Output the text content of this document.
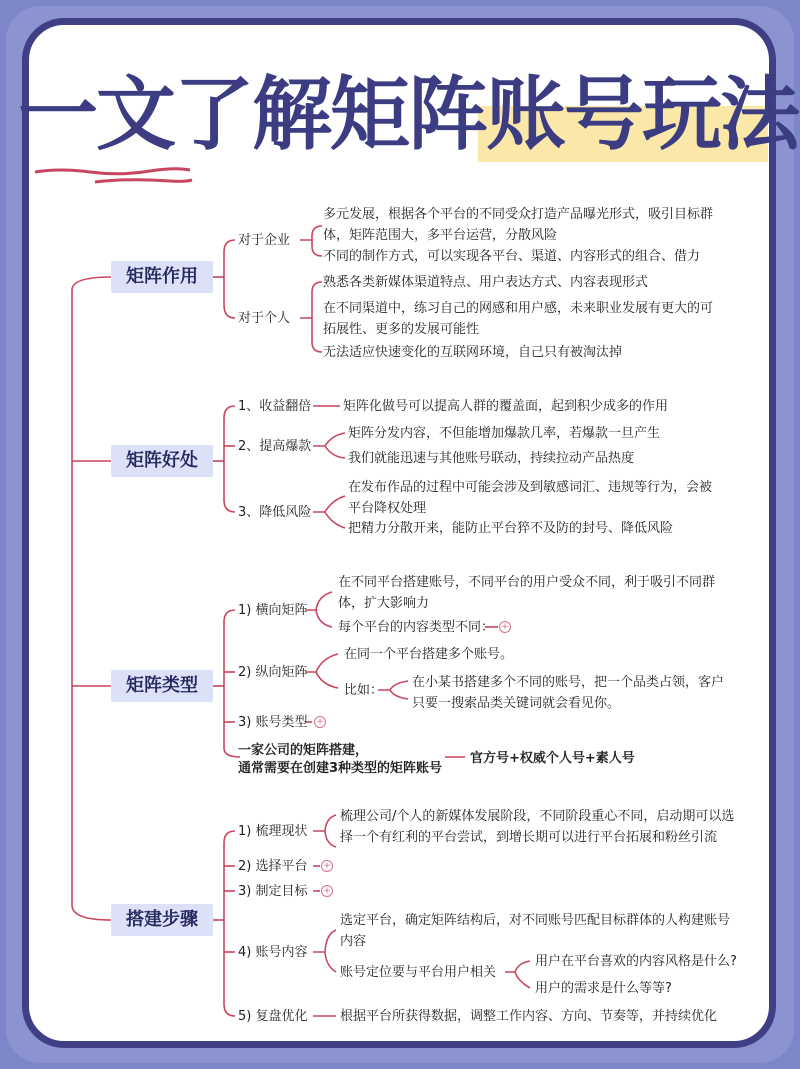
一文了解矩阵账号玩法
矩阵作用
对于企业
多元发展，根据各个平台的不同受众打造产品曝光形式，吸引目标群体，矩阵范围大，多平台运营，分散风险
不同的制作方式，可以实现各平台、渠道、内容形式的组合、借力
对于个人
熟悉各类新媒体渠道特点、用户表达方式、内容表现形式
在不同渠道中，练习自己的网感和用户感，未来职业发展有更大的可拓展性、更多的发展可能性
无法适应快速变化的互联网环境，自己只有被淘汰掉
矩阵好处
1、收益翻倍 矩阵化做号可以提高人群的覆盖面，起到积少成多的作用
2、提高爆款
矩阵分发内容，不但能增加爆款几率，若爆款一旦产生
我们就能迅速与其他账号联动，持续拉动产品热度
3、降低风险
在发布作品的过程中可能会涉及到敏感词汇、违规等行为，会被平台降权处理
把精力分散开来，能防止平台猝不及防的封号、降低风险
矩阵类型
1) 横向矩阵
在不同平台搭建账号，不同平台的用户受众不同，利于吸引不同群体，扩大影响力
每个平台的内容类型不同： +
2) 纵向矩阵
在同一个平台搭建多个账号。
比如：
在小某书搭建多个不同的账号，把一个品类占领，客户只要一搜索品类关键词就会看见你。
3) 账号类型 +
一家公司的矩阵搭建，
通常需要在创建3种类型的矩阵账号
官方号+权威个人号+素人号
搭建步骤
1) 梳理现状
梳理公司/个人的新媒体发展阶段，不同阶段重心不同，启动期可以选择一个有红利的平台尝试，到增长期可以进行平台拓展和粉丝引流
2) 选择平台 +
3) 制定目标 +
4) 账号内容
选定平台，确定矩阵结构后，对不同账号匹配目标群体的人构建账号内容
账号定位要与平台用户相关
用户在平台喜欢的内容风格是什么?
用户的需求是什么等等?
5) 复盘优化	根据平台所获得数据，调整工作内容、方向、节奏等，并持续优化
